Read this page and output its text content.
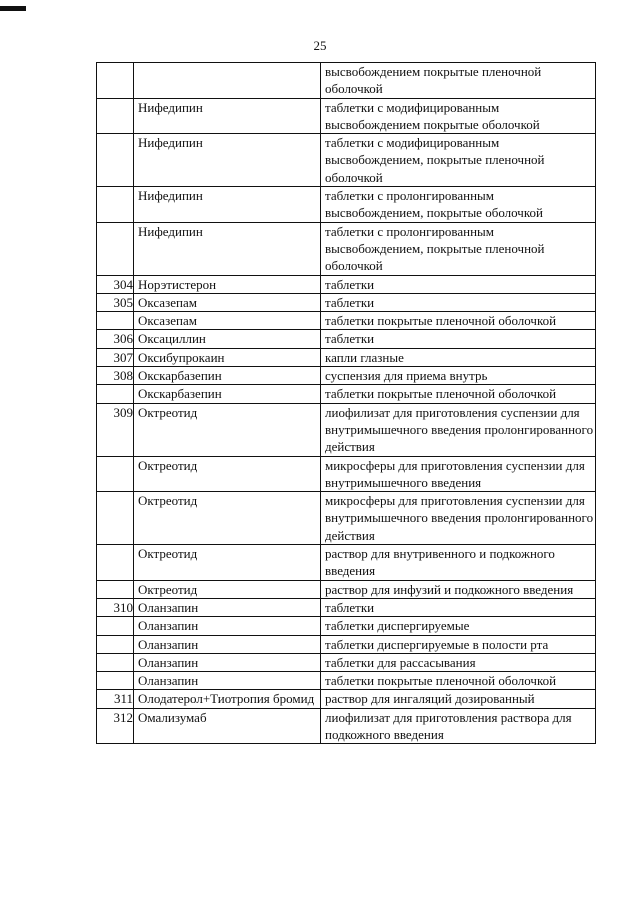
25
		высвобождением покрытые пленочной оболочкой
	Нифедипин	таблетки с модифицированным высвобождением покрытые оболочкой
	Нифедипин	таблетки с модифицированным высвобождением, покрытые пленочной оболочкой
	Нифедипин	таблетки с пролонгированным высвобождением, покрытые оболочкой
	Нифедипин	таблетки с пролонгированным высвобождением, покрытые пленочной оболочкой
304	Норэтистерон	таблетки
305	Оксазепам	таблетки
	Оксазепам	таблетки покрытые пленочной оболочкой
306	Оксациллин	таблетки
307	Оксибупрокаин	капли глазные
308	Окскарбазепин	суспензия для приема внутрь
	Окскарбазепин	таблетки покрытые пленочной оболочкой
309	Октреотид	лиофилизат для приготовления суспензии для внутримышечного введения пролонгированного действия
	Октреотид	микросферы для приготовления суспензии для внутримышечного введения
	Октреотид	микросферы для приготовления суспензии для внутримышечного введения пролонгированного действия
	Октреотид	раствор для внутривенного и подкожного введения
	Октреотид	раствор для инфузий и подкожного введения
310	Оланзапин	таблетки
	Оланзапин	таблетки диспергируемые
	Оланзапин	таблетки диспергируемые в полости рта
	Оланзапин	таблетки для рассасывания
	Оланзапин	таблетки покрытые пленочной оболочкой
311	Олодатерол+Тиотропия бромид	раствор для ингаляций дозированный
312	Омализумаб	лиофилизат для приготовления раствора для подкожного введения
